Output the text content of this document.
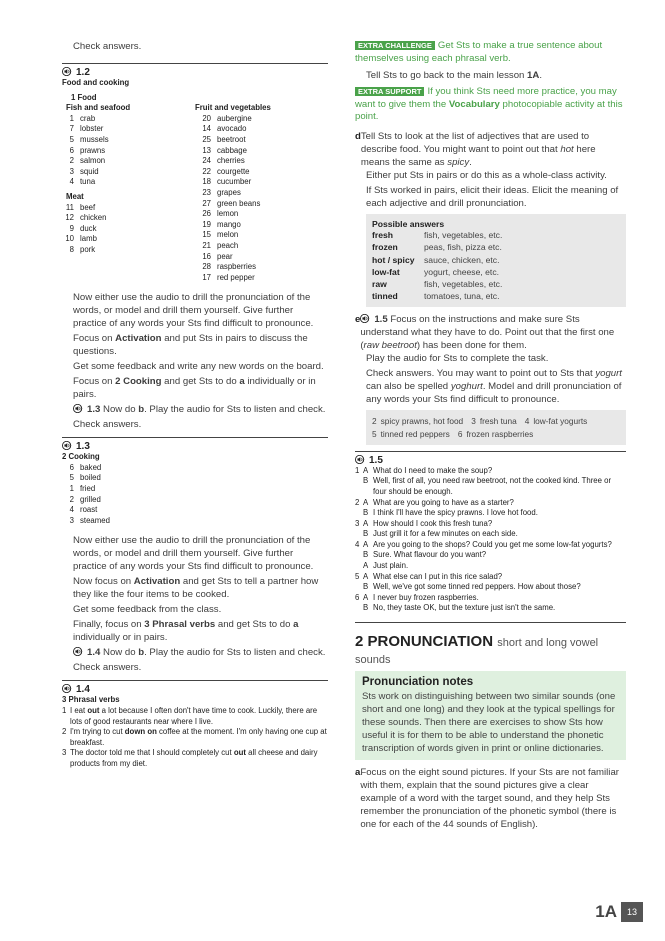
Check answers.

1.2
Food and cooking
1 Food
Fish and seafood
1 crab
7 lobster
5 mussels
6 prawns
2 salmon
3 squid
4 tuna
Meat
11 beef
12 chicken
9 duck
10 lamb
8 pork
Fruit and vegetables
20 aubergine
14 avocado
25 beetroot
13 cabbage
24 cherries
22 courgette
18 cucumber
23 grapes
27 green beans
26 lemon
19 mango
15 melon
21 peach
16 pear
28 raspberries
17 red pepper

Now either use the audio to drill the pronunciation of the words, or model and drill them yourself. Give further practice of any words your Sts find difficult to pronounce.

Focus on Activation and put Sts in pairs to discuss the questions.

Get some feedback and write any new words on the board.

Focus on 2 Cooking and get Sts to do a individually or in pairs.

1.3 Now do b. Play the audio for Sts to listen and check.

Check answers.

1.3
2 Cooking
6 baked
5 boiled
1 fried
2 grilled
4 roast
3 steamed

Now either use the audio to drill the pronunciation of the words, or model and drill them yourself. Give further practice of any words your Sts find difficult to pronounce.

Now focus on Activation and get Sts to tell a partner how they like the four items to be cooked.

Get some feedback from the class.

Finally, focus on 3 Phrasal verbs and get Sts to do a individually or in pairs.

1.4 Now do b. Play the audio for Sts to listen and check.

Check answers.

1.4
3 Phrasal verbs
1 I eat out a lot because I often don't have time to cook. Luckily, there are lots of good restaurants near where I live.
2 I'm trying to cut down on coffee at the moment. I'm only having one cup at breakfast.
3 The doctor told me that I should completely cut out all cheese and dairy products from my diet.

EXTRA CHALLENGE Get Sts to make a true sentence about themselves using each phrasal verb.

Tell Sts to go back to the main lesson 1A.

EXTRA SUPPORT If you think Sts need more practice, you may want to give them the Vocabulary photocopiable activity at this point.

d Tell Sts to look at the list of adjectives that are used to describe food. You might want to point out that hot here means the same as spicy.

Either put Sts in pairs or do this as a whole-class activity.

If Sts worked in pairs, elicit their ideas. Elicit the meaning of each adjective and drill pronunciation.

Possible answers
fresh	fish, vegetables, etc.
frozen	peas, fish, pizza etc.
hot / spicy	sauce, chicken, etc.
low-fat	yogurt, cheese, etc.
raw	fish, vegetables, etc.
tinned	tomatoes, tuna, etc.
e	1.5 Focus on the instructions and make sure Sts understand what they have to do. Point out that the first one (raw beetroot) has been done for them.

Play the audio for Sts to complete the task.

Check answers. You may want to point out to Sts that yogurt can also be spelled yoghurt. Model and drill pronunciation of any words your Sts find difficult to pronounce.

2 spicy prawns, hot food 3 fresh tuna 4 low-fat yogurts
5 tinned red peppers 6 frozen raspberries
1.5
1 A What do I need to make the soup?
B Well, first of all, you need raw beetroot, not the cooked kind. Three or four should be enough.
2 A What are you going to have as a starter?
B I think I'll have the spicy prawns. I love hot food.
3 A How should I cook this fresh tuna?
B Just grill it for a few minutes on each side.
4 A Are you going to the shops? Could you get me some low-fat yogurts?
B Sure. What flavour do you want?
A Just plain.
5 A What else can I put in this rice salad?
B Well, we've got some tinned red peppers. How about those?
6 A I never buy frozen raspberries.
B No, they taste OK, but the texture just isn't the same.
2 PRONUNCIATION short and long vowel sounds
Pronunciation notes
Sts work on distinguishing between two similar sounds (one short and one long) and they look at the typical spellings for these sounds. Then there are exercises to show Sts how useful it is for them to be able to understand the phonetic transcription of words given in print or online dictionaries.
a Focus on the eight sound pictures. If your Sts are not familiar with them, explain that the sound pictures give a clear example of a word with the target sound, and they help Sts remember the pronunciation of the phonetic symbol (there is one for each of the 44 sounds of English).
1A	13
